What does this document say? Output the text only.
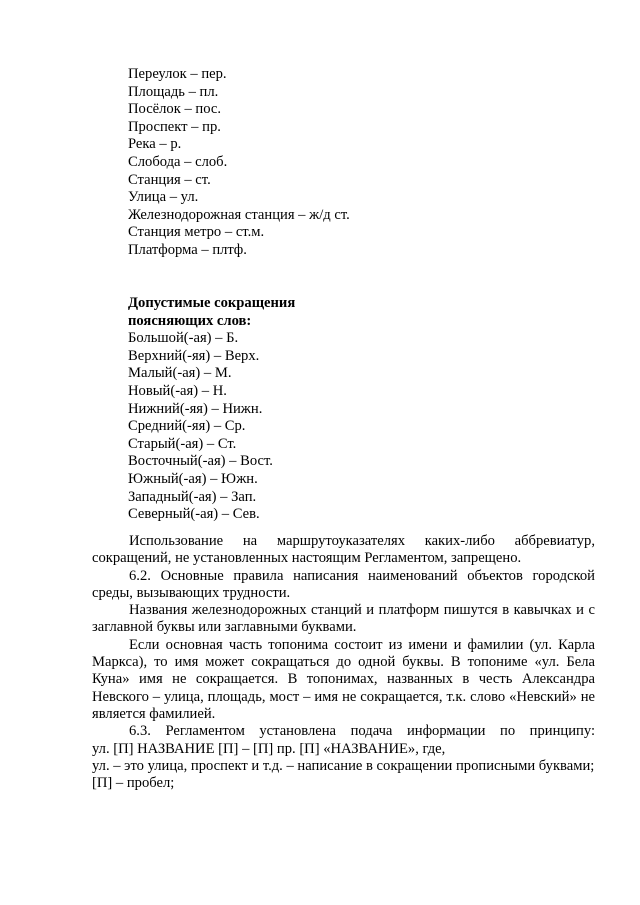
Переулок – пер.
Площадь – пл.
Посёлок – пос.
Проспект – пр.
Река – р.
Слобода – слоб.
Станция – ст.
Улица – ул.
Железнодорожная станция – ж/д ст.
Станция метро – ст.м.
Платформа – плтф.
Допустимые сокращения
поясняющих слов:
Большой(-ая) – Б.
Верхний(-яя) – Верх.
Малый(-ая) – М.
Новый(-ая) – Н.
Нижний(-яя) – Нижн.
Средний(-яя) – Ср.
Старый(-ая) – Ст.
Восточный(-ая) – Вост.
Южный(-ая) – Южн.
Западный(-ая) – Зап.
Северный(-ая) – Сев.

Использование на маршрутоуказателях каких-либо аббревиатур, сокращений, не установленных настоящим Регламентом, запрещено.

6.2. Основные правила написания наименований объектов городской среды, вызывающих трудности.

Названия железнодорожных станций и платформ пишутся в кавычках и с заглавной буквы или заглавными буквами.

Если основная часть топонима состоит из имени и фамилии (ул. Карла Маркса), то имя может сокращаться до одной буквы. В топониме «ул. Бела Куна» имя не сокращается. В топонимах, названных в честь Александра Невского – улица, площадь, мост – имя не сокращается, т.к. слово «Невский» не является фамилией.

6.3. Регламентом установлена подача информации по принципу:

ул. [П] НАЗВАНИЕ [П] – [П] пр. [П] «НАЗВАНИЕ», где,

ул. – это улица, проспект и т.д. – написание в сокращении прописными буквами;

[П] – пробел;
